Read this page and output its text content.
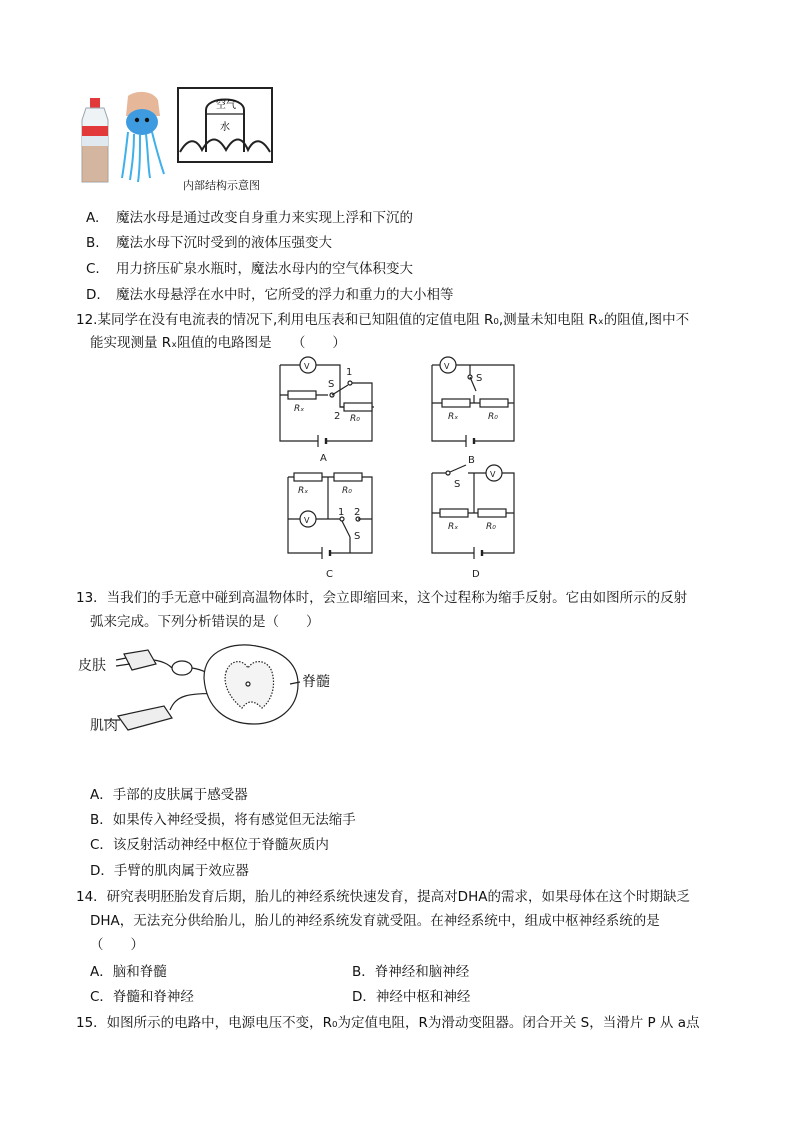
空气
水
内部结构示意图
A. 魔法水母是通过改变自身重力来实现上浮和下沉的
B. 魔法水母下沉时受到的液体压强变大
C. 用力挤压矿泉水瓶时，魔法水母内的空气体积变大
D. 魔法水母悬浮在水中时，它所受的浮力和重力的大小相等
12.某同学在没有电流表的情况下,利用电压表和已知阻值的定值电阻 R₀,测量未知电阻 Rₓ的阻值,图中不
能实现测量 Rₓ阻值的电路图是　　（　　）
V
S
1
2
Rₓ
R₀
A
V
S
Rₓ	R₀
B
V
S
1 2
Rₓ	R₀
C
V
S
Rₓ	R₀
D
13．当我们的手无意中碰到高温物体时，会立即缩回来，这个过程称为缩手反射。它由如图所示的反射
弧来完成。下列分析错误的是（　　）
皮肤
肌肉
脊髓
A．手部的皮肤属于感受器
B．如果传入神经受损，将有感觉但无法缩手
C．该反射活动神经中枢位于脊髓灰质内
D．手臂的肌肉属于效应器
14．研究表明胚胎发育后期，胎儿的神经系统快速发育，提高对DHA的需求，如果母体在这个时期缺乏
DHA，无法充分供给胎儿，胎儿的神经系统发育就受阻。在神经系统中，组成中枢神经系统的是
（　　）
A．脑和脊髓	B．脊神经和脑神经
C．脊髓和脊神经	D．神经中枢和神经
15．如图所示的电路中，电源电压不变，R₀为定值电阻，R为滑动变阻器。闭合开关 S，当滑片 P 从 a点
